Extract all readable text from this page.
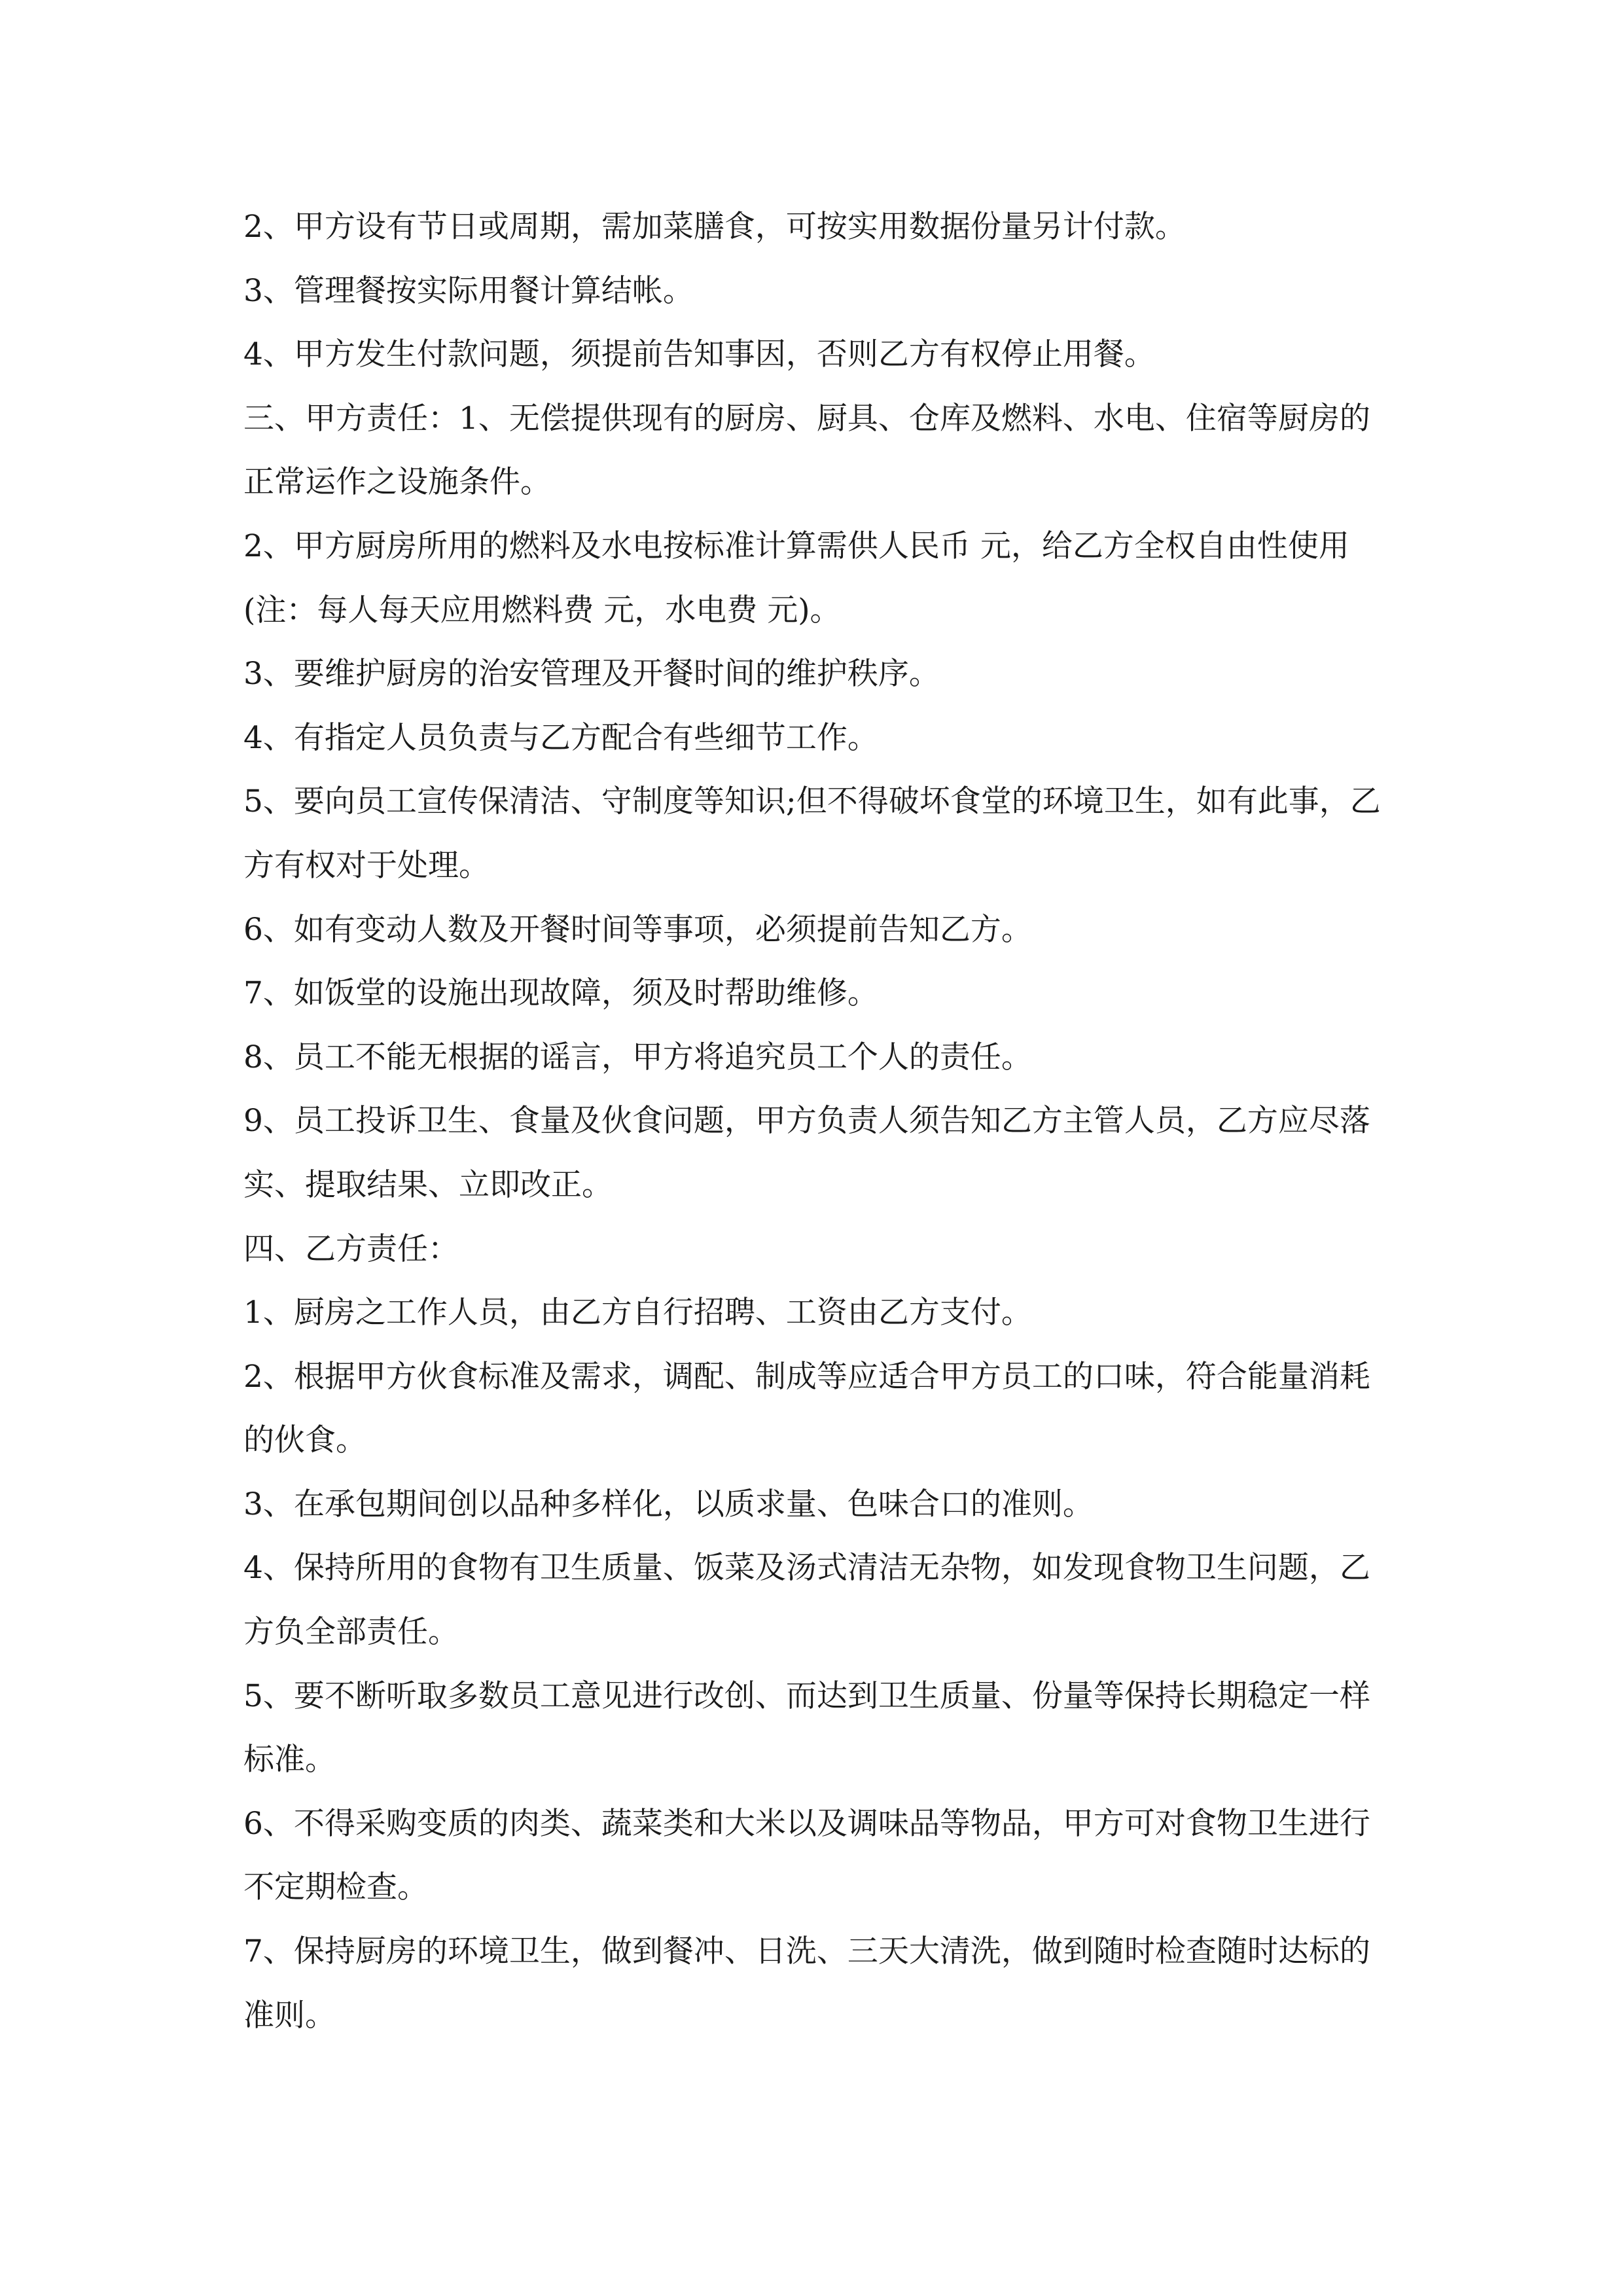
2、甲方设有节日或周期，需加菜膳食，可按实用数据份量另计付款。

3、管理餐按实际用餐计算结帐。

4、甲方发生付款问题，须提前告知事因，否则乙方有权停止用餐。

三、甲方责任：1、无偿提供现有的厨房、厨具、仓库及燃料、水电、住宿等厨房的正常运作之设施条件。

2、甲方厨房所用的燃料及水电按标准计算需供人民币 元，给乙方全权自由性使用(注：每人每天应用燃料费 元，水电费 元)。

3、要维护厨房的治安管理及开餐时间的维护秩序。

4、有指定人员负责与乙方配合有些细节工作。

5、要向员工宣传保清洁、守制度等知识;但不得破坏食堂的环境卫生，如有此事，乙方有权对于处理。

6、如有变动人数及开餐时间等事项，必须提前告知乙方。

7、如饭堂的设施出现故障，须及时帮助维修。

8、员工不能无根据的谣言，甲方将追究员工个人的责任。

9、员工投诉卫生、食量及伙食问题，甲方负责人须告知乙方主管人员，乙方应尽落实、提取结果、立即改正。

四、乙方责任：

1、厨房之工作人员，由乙方自行招聘、工资由乙方支付。

2、根据甲方伙食标准及需求，调配、制成等应适合甲方员工的口味，符合能量消耗的伙食。

3、在承包期间创以品种多样化，以质求量、色味合口的准则。

4、保持所用的食物有卫生质量、饭菜及汤式清洁无杂物，如发现食物卫生问题，乙方负全部责任。

5、要不断听取多数员工意见进行改创、而达到卫生质量、份量等保持长期稳定一样标准。

6、不得采购变质的肉类、蔬菜类和大米以及调味品等物品，甲方可对食物卫生进行不定期检查。

7、保持厨房的环境卫生，做到餐冲、日洗、三天大清洗，做到随时检查随时达标的准则。
